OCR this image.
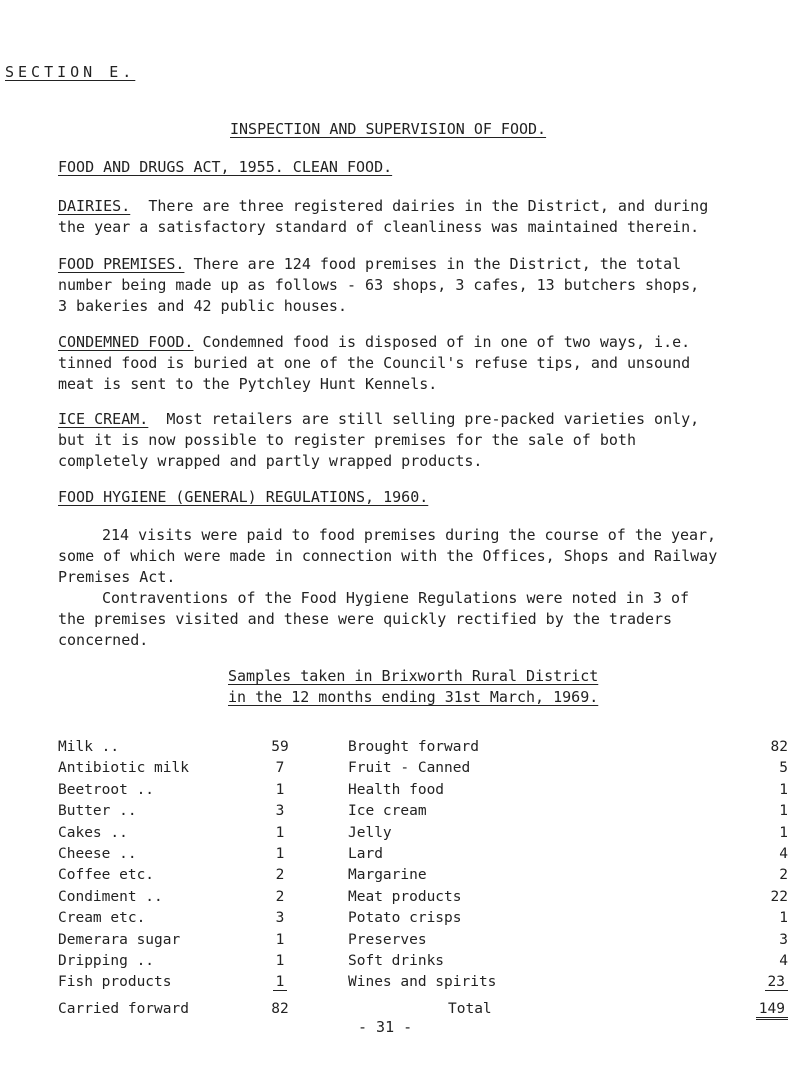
SECTION E.
INSPECTION AND SUPERVISION OF FOOD.
FOOD AND DRUGS ACT, 1955. CLEAN FOOD.
DAIRIES. There are three registered dairies in the District, and during
the year a satisfactory standard of cleanliness was maintained therein.
FOOD PREMISES. There are 124 food premises in the District, the total
number being made up as follows - 63 shops, 3 cafes, 13 butchers shops,
3 bakeries and 42 public houses.
CONDEMNED FOOD. Condemned food is disposed of in one of two ways, i.e.
tinned food is buried at one of the Council's refuse tips, and unsound
meat is sent to the Pytchley Hunt Kennels.
ICE CREAM. Most retailers are still selling pre-packed varieties only,
but it is now possible to register premises for the sale of both
completely wrapped and partly wrapped products.
FOOD HYGIENE (GENERAL) REGULATIONS, 1960.
214 visits were paid to food premises during the course of the year,
some of which were made in connection with the Offices, Shops and Railway
Premises Act.
Contraventions of the Food Hygiene Regulations were noted in 3 of
the premises visited and these were quickly rectified by the traders
concerned.
Samples taken in Brixworth Rural District
in the 12 months ending 31st March, 1969.
Milk ..	59	Brought forward	82
Antibiotic milk	7	Fruit - Canned	5
Beetroot ..	1	Health food	1
Butter ..	3	Ice cream	1
Cakes ..	1	Jelly	1
Cheese ..	1	Lard	4
Coffee etc.	2	Margarine	2
Condiment ..	2	Meat products	22
Cream etc.	3	Potato crisps	1
Demerara sugar	1	Preserves	3
Dripping ..	1	Soft drinks	4
Fish products	1	Wines and spirits	23
Carried forward	82	Total	149
- 31 -
